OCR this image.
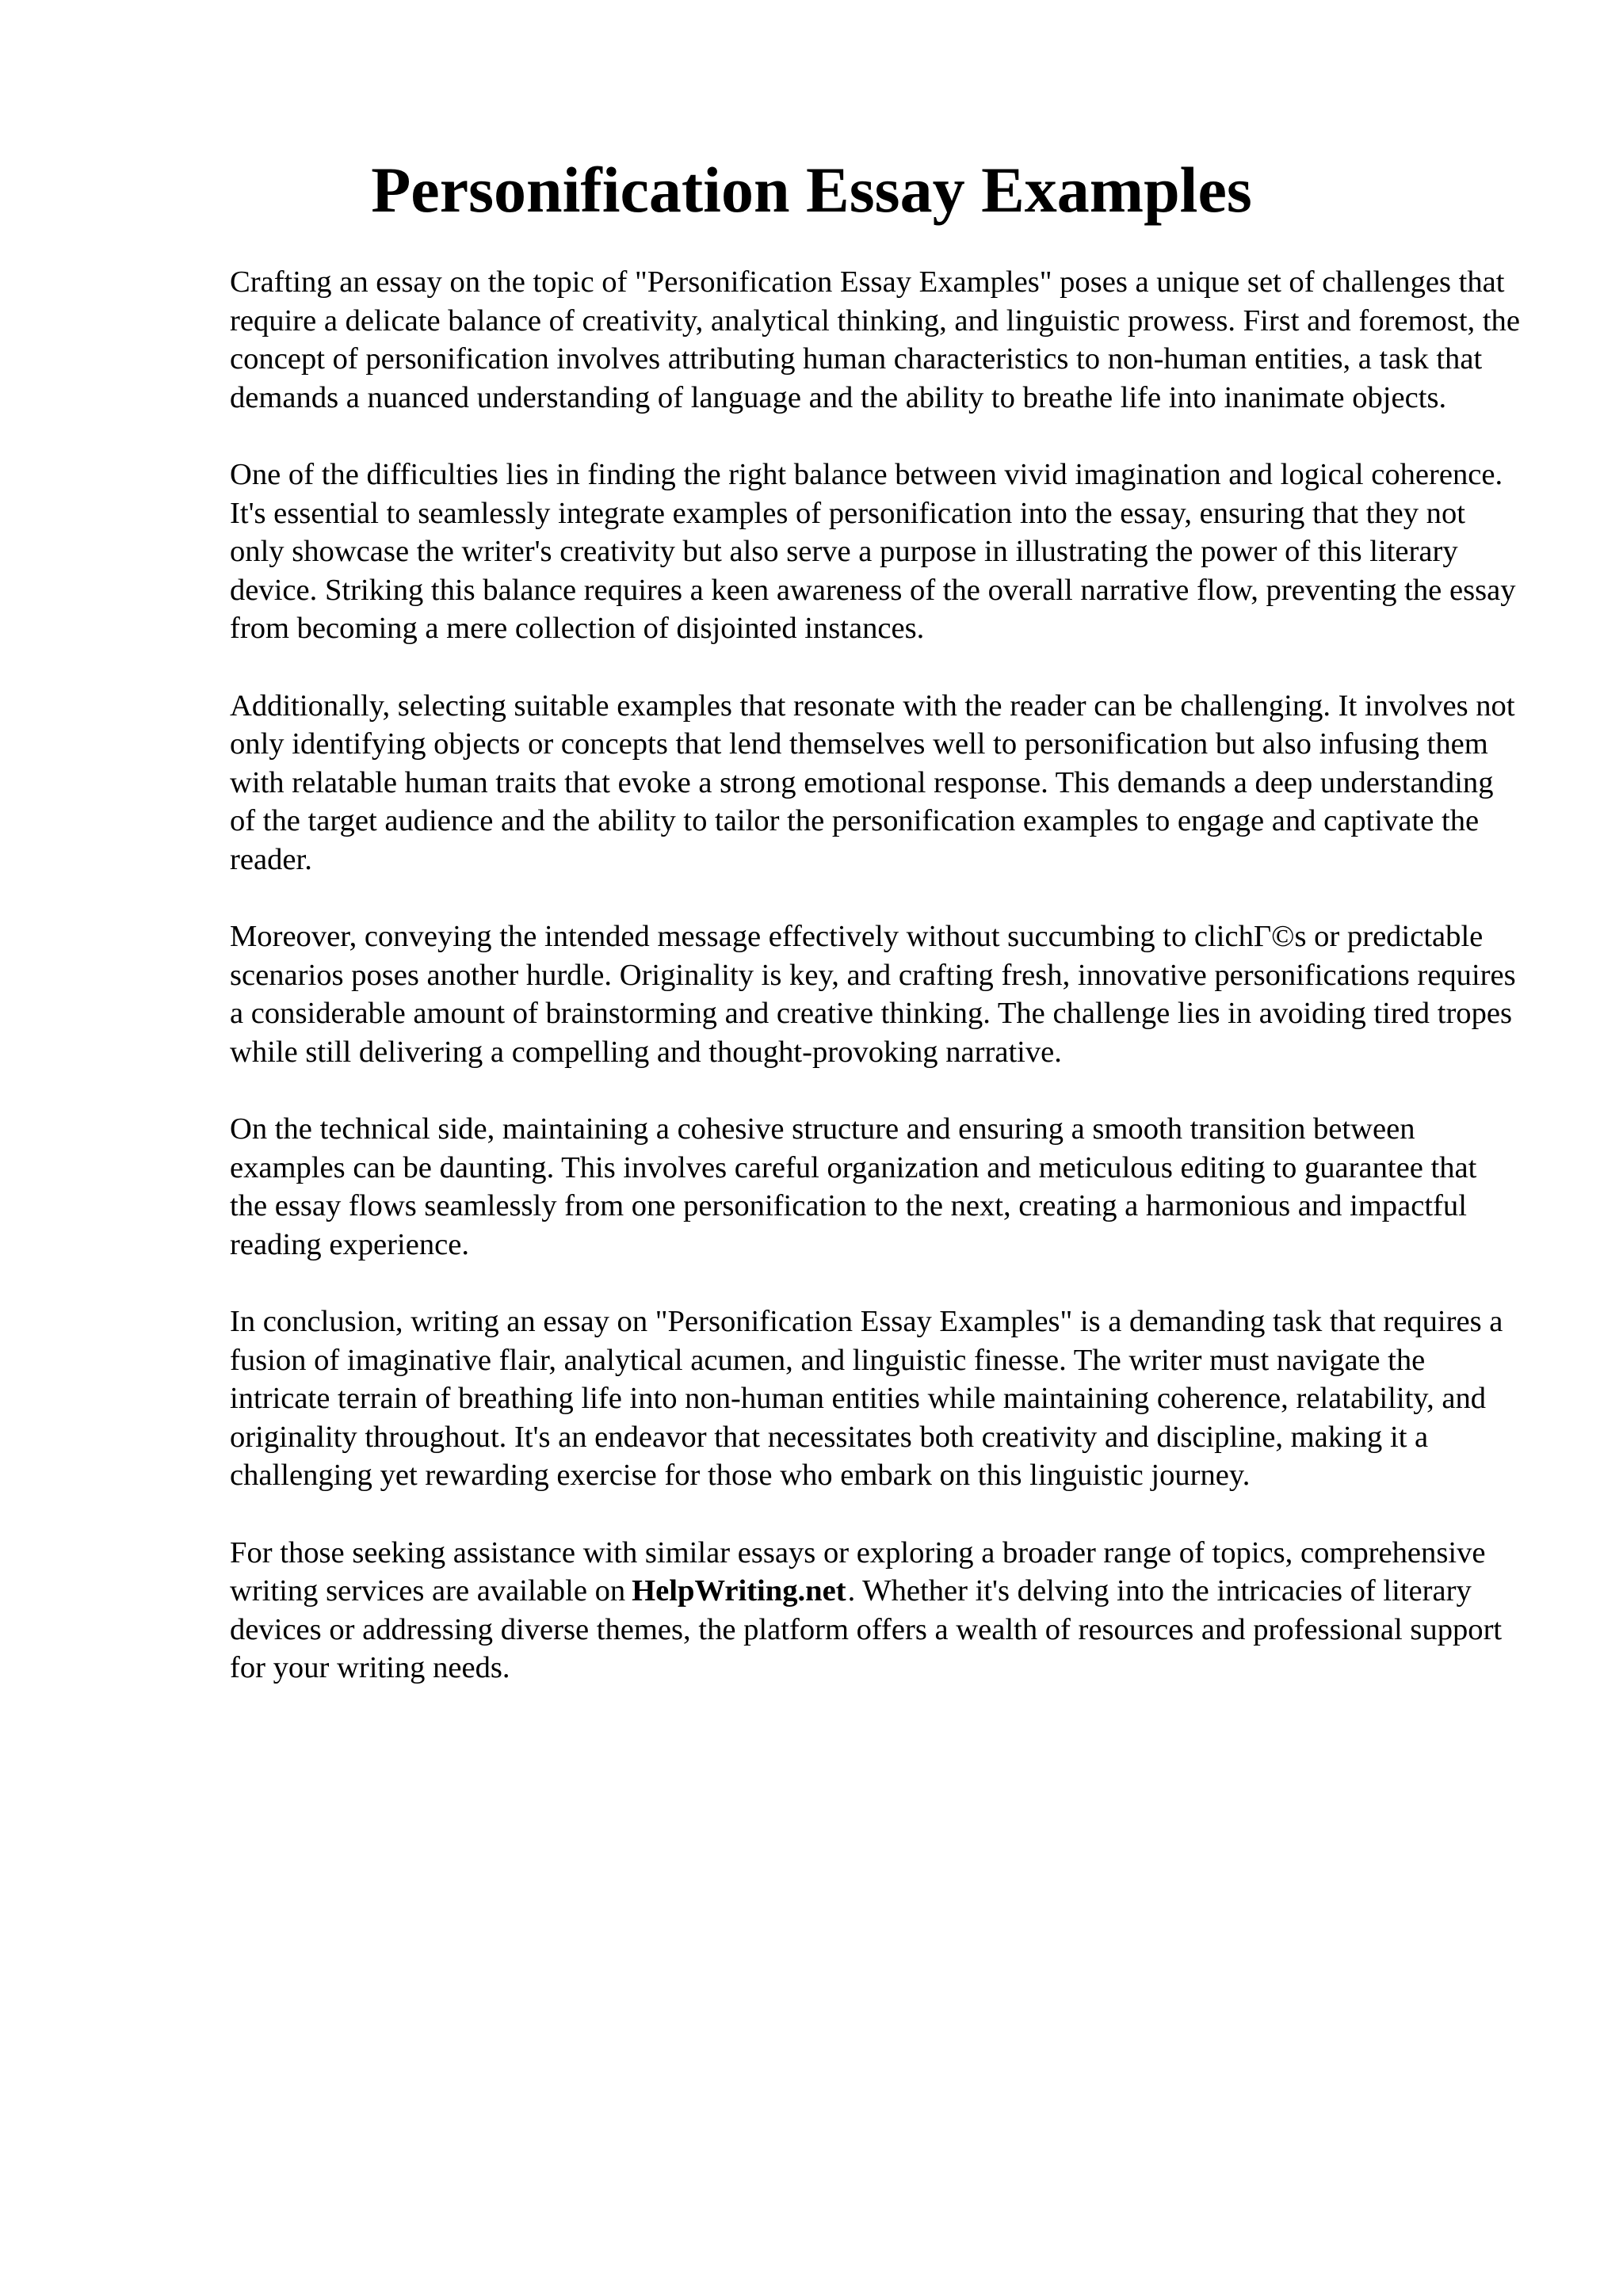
Personification Essay Examples

Crafting an essay on the topic of "Personification Essay Examples" poses a unique set of challenges that require a delicate balance of creativity, analytical thinking, and linguistic prowess. First and foremost, the concept of personification involves attributing human characteristics to non-human entities, a task that demands a nuanced understanding of language and the ability to breathe life into inanimate objects.

One of the difficulties lies in finding the right balance between vivid imagination and logical coherence. It's essential to seamlessly integrate examples of personification into the essay, ensuring that they not only showcase the writer's creativity but also serve a purpose in illustrating the power of this literary device. Striking this balance requires a keen awareness of the overall narrative flow, preventing the essay from becoming a mere collection of disjointed instances.

Additionally, selecting suitable examples that resonate with the reader can be challenging. It involves not only identifying objects or concepts that lend themselves well to personification but also infusing them with relatable human traits that evoke a strong emotional response. This demands a deep understanding of the target audience and the ability to tailor the personification examples to engage and captivate the reader.

Moreover, conveying the intended message effectively without succumbing to clichΓ©s or predictable scenarios poses another hurdle. Originality is key, and crafting fresh, innovative personifications requires a considerable amount of brainstorming and creative thinking. The challenge lies in avoiding tired tropes while still delivering a compelling and thought-provoking narrative.

On the technical side, maintaining a cohesive structure and ensuring a smooth transition between examples can be daunting. This involves careful organization and meticulous editing to guarantee that the essay flows seamlessly from one personification to the next, creating a harmonious and impactful reading experience.

In conclusion, writing an essay on "Personification Essay Examples" is a demanding task that requires a fusion of imaginative flair, analytical acumen, and linguistic finesse. The writer must navigate the intricate terrain of breathing life into non-human entities while maintaining coherence, relatability, and originality throughout. It's an endeavor that necessitates both creativity and discipline, making it a challenging yet rewarding exercise for those who embark on this linguistic journey.

For those seeking assistance with similar essays or exploring a broader range of topics, comprehensive writing services are available on HelpWriting.net. Whether it's delving into the intricacies of literary devices or addressing diverse themes, the platform offers a wealth of resources and professional support for your writing needs.
